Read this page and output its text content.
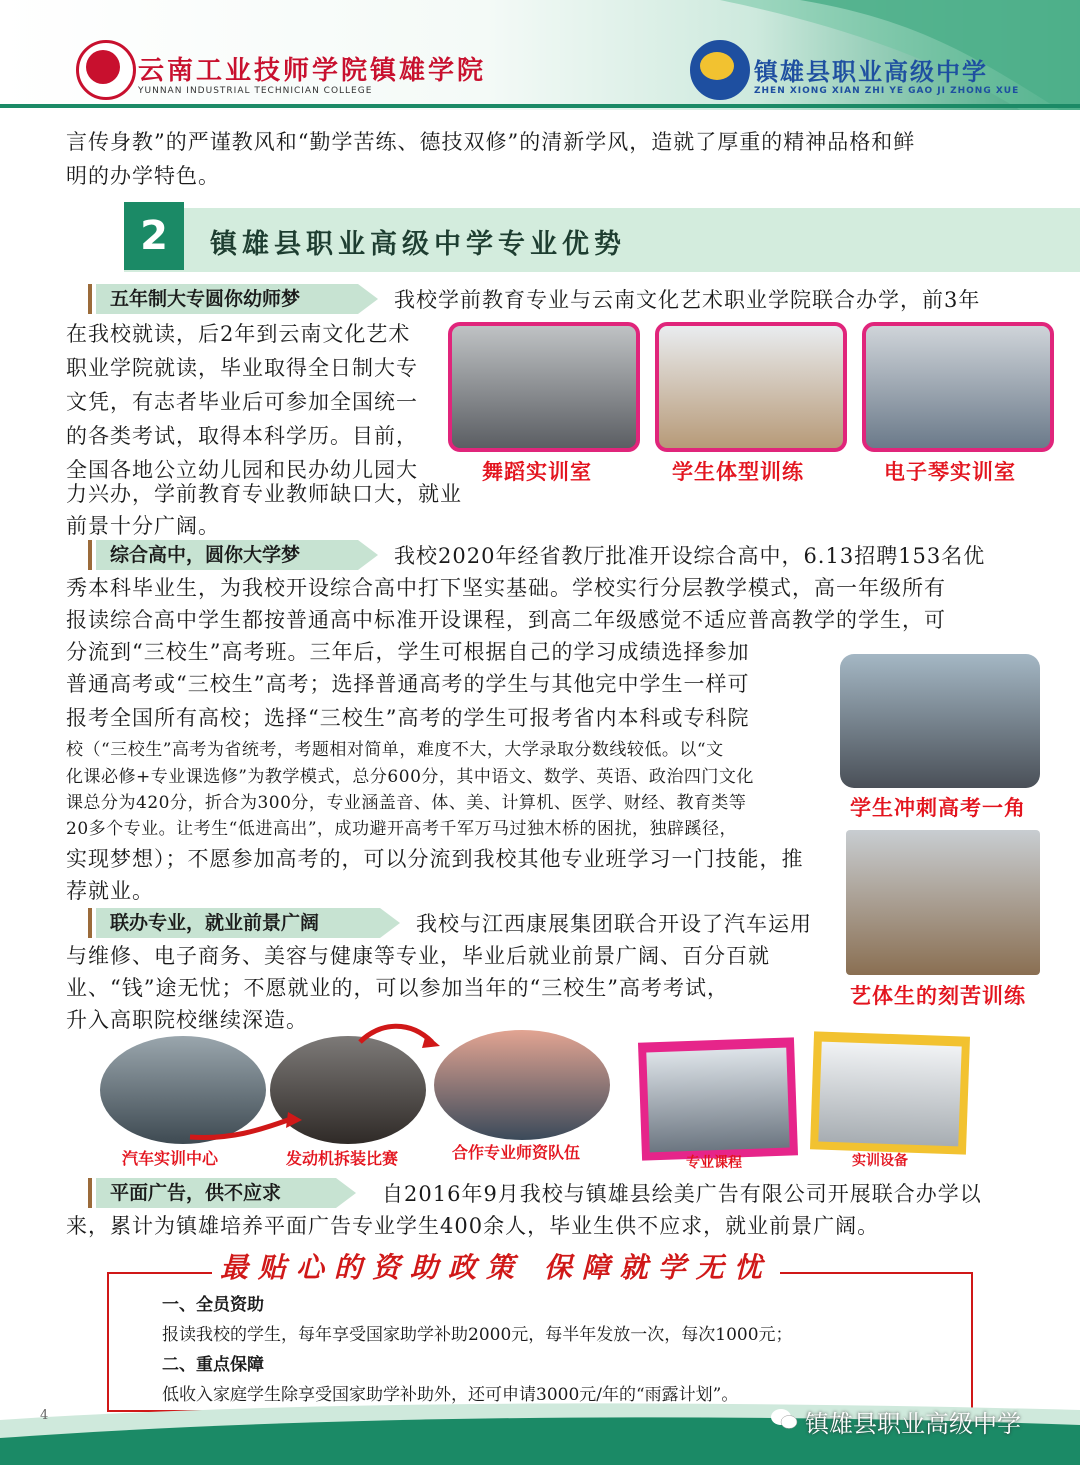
云南工业技师学院镇雄学院
YUNNAN INDUSTRIAL TECHNICIAN COLLEGE
镇雄县职业高级中学
ZHEN XIONG XIAN ZHI YE GAO JI ZHONG XUE
言传身教”的严谨教风和“勤学苦练、德技双修”的清新学风，造就了厚重的精神品格和鲜
明的办学特色。
2	镇雄县职业高级中学专业优势
五年制大专圆你幼师梦	我校学前教育专业与云南文化艺术职业学院联合办学，前3年
在我校就读，后2年到云南文化艺术
职业学院就读，毕业取得全日制大专
文凭，有志者毕业后可参加全国统一
的各类考试，取得本科学历。目前，
全国各地公立幼儿园和民办幼儿园大
力兴办，学前教育专业教师缺口大，就业
前景十分广阔。
舞蹈实训室	学生体型训练	电子琴实训室
综合高中，圆你大学梦	我校2020年经省教厅批准开设综合高中，6.13招聘153名优
秀本科毕业生，为我校开设综合高中打下坚实基础。学校实行分层教学模式，高一年级所有
报读综合高中学生都按普通高中标准开设课程，到高二年级感觉不适应普高教学的学生，可
分流到“三校生”高考班。三年后，学生可根据自己的学习成绩选择参加
普通高考或“三校生”高考；选择普通高考的学生与其他完中学生一样可
报考全国所有高校；选择“三校生”高考的学生可报考省内本科或专科院
校（“三校生”高考为省统考，考题相对简单，难度不大，大学录取分数线较低。以“文
化课必修+专业课选修”为教学模式，总分600分，其中语文、数学、英语、政治四门文化
课总分为420分，折合为300分，专业涵盖音、体、美、计算机、医学、财经、教育类等
20多个专业。让考生“低进高出”，成功避开高考千军万马过独木桥的困扰，独辟蹊径，
实现梦想）；不愿参加高考的，可以分流到我校其他专业班学习一门技能，推
荐就业。
学生冲刺高考一角
艺体生的刻苦训练
联办专业，就业前景广阔	我校与江西康展集团联合开设了汽车运用
与维修、电子商务、美容与健康等专业，毕业后就业前景广阔、百分百就
业、“钱”途无忧；不愿就业的，可以参加当年的“三校生”高考考试，
升入高职院校继续深造。
汽车实训中心	发动机拆装比赛	合作专业师资队伍
专业课程	实训设备
平面广告，供不应求	自2016年9月我校与镇雄县绘美广告有限公司开展联合办学以
来，累计为镇雄培养平面广告专业学生400余人，毕业生供不应求，就业前景广阔。
最贴心的资助政策 保障就学无忧
一、全员资助
报读我校的学生，每年享受国家助学补助2000元，每半年发放一次，每次1000元；
二、重点保障
低收入家庭学生除享受国家助学补助外，还可申请3000元/年的“雨露计划”。
4	镇雄县职业高级中学
